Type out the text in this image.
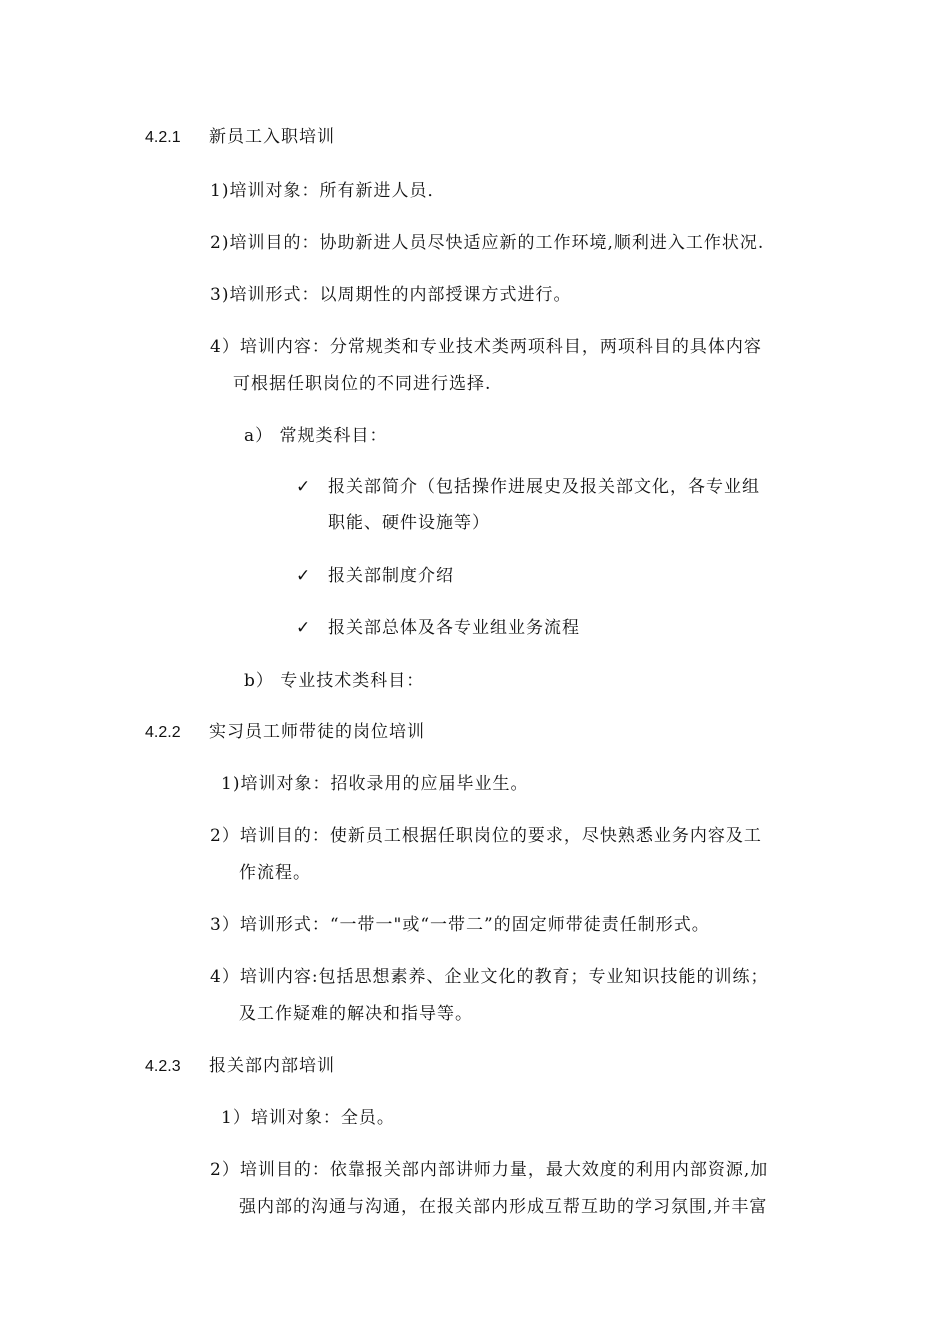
4.2.1 新员工入职培训
1)培训对象：所有新进人员．
2)培训目的：协助新进人员尽快适应新的工作环境,顺利进入工作状况.
3)培训形式：以周期性的内部授课方式进行。
4）培训内容：分常规类和专业技术类两项科目，两项科目的具体内容
可根据任职岗位的不同进行选择.
a） 常规类科目：
✓ 报关部简介（包括操作进展史及报关部文化，各专业组
职能、硬件设施等）
✓ 报关部制度介绍
✓ 报关部总体及各专业组业务流程
b） 专业技术类科目：
4.2.2 实习员工师带徒的岗位培训
1)培训对象：招收录用的应届毕业生。
2）培训目的：使新员工根据任职岗位的要求，尽快熟悉业务内容及工
作流程。
3）培训形式：“一带一"或“一带二”的固定师带徒责任制形式。
4）培训内容:包括思想素养、企业文化的教育；专业知识技能的训练；
及工作疑难的解决和指导等。
4.2.3 报关部内部培训
1）培训对象：全员。
2）培训目的：依靠报关部内部讲师力量，最大效度的利用内部资源,加
强内部的沟通与沟通，在报关部内形成互帮互助的学习氛围,并丰富
